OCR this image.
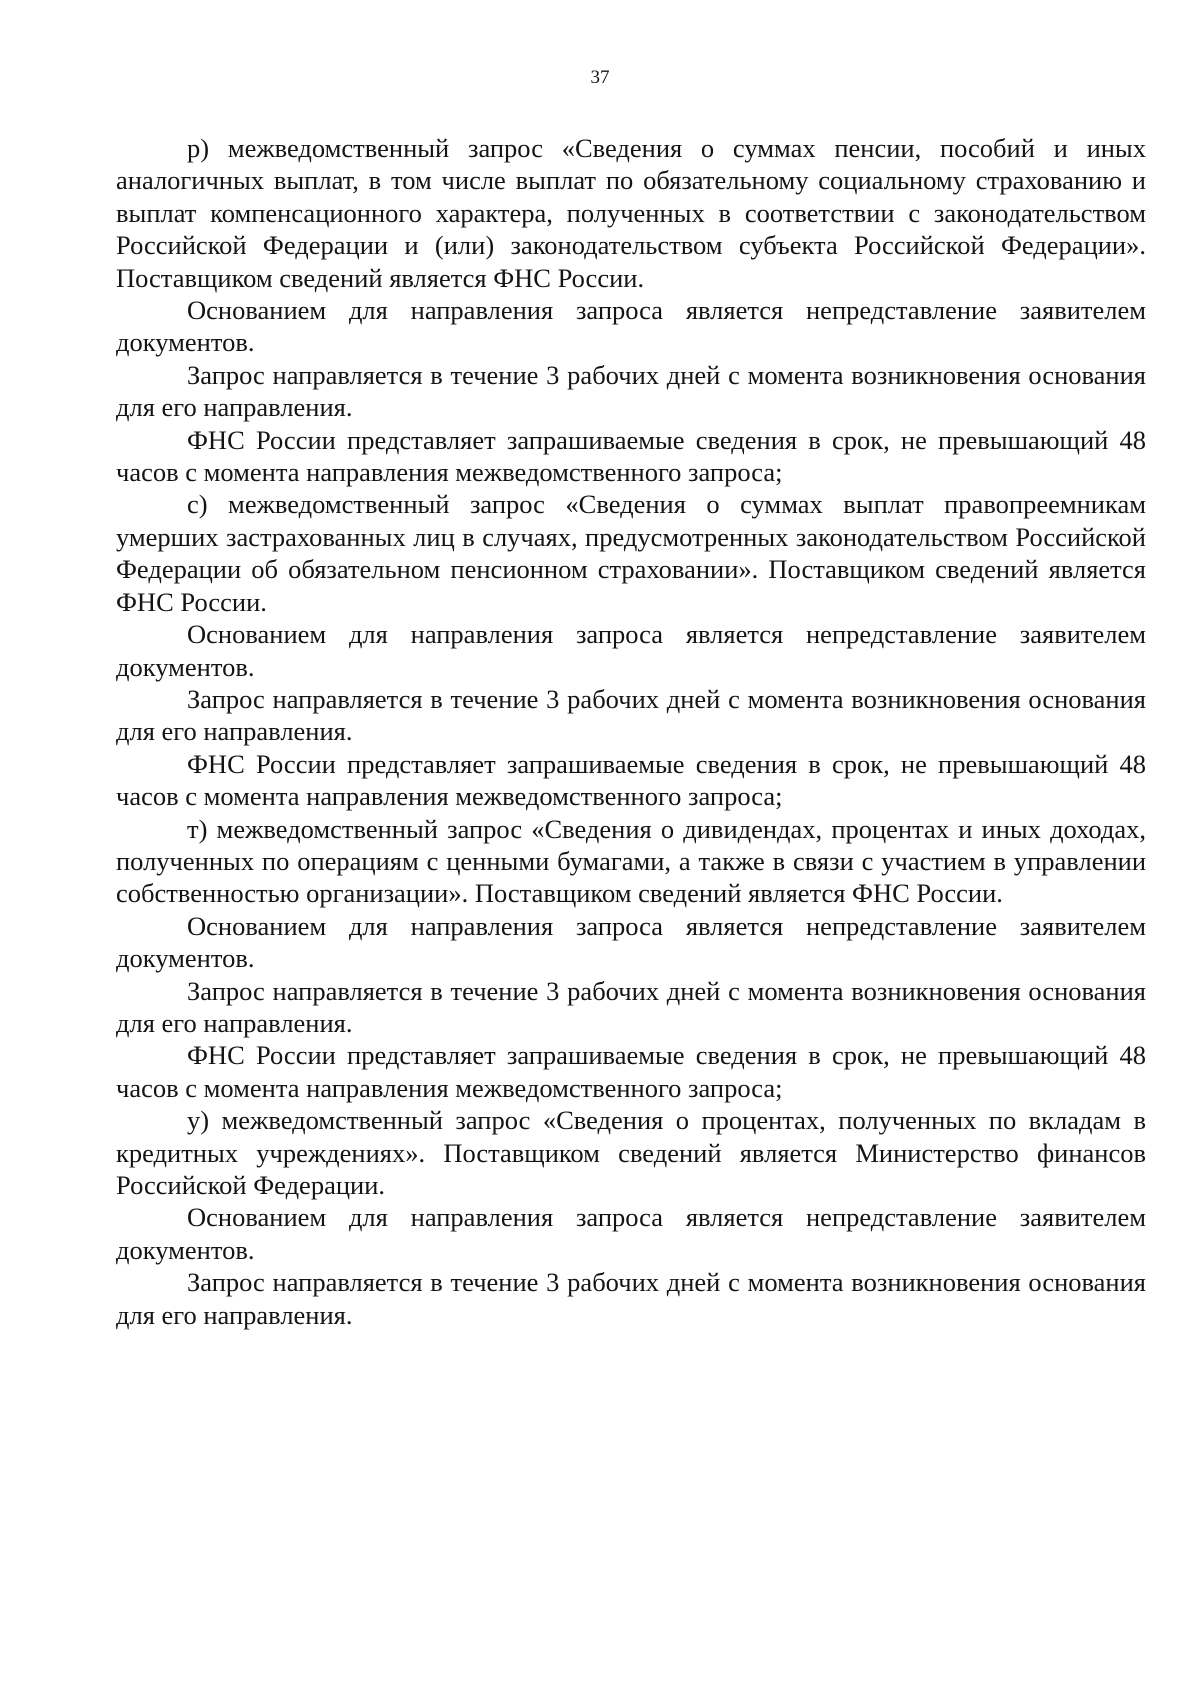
37

р) межведомственный запрос «Сведения о суммах пенсии, пособий и иных аналогичных выплат, в том числе выплат по обязательному социальному страхованию и выплат компенсационного характера, полученных в соответствии с законодательством Российской Федерации и (или) законодательством субъекта Российской Федерации». Поставщиком сведений является ФНС России.

Основанием для направления запроса является непредставление заявителем документов.

Запрос направляется в течение 3 рабочих дней с момента возникновения основания для его направления.

ФНС России представляет запрашиваемые сведения в срок, не превышающий 48 часов с момента направления межведомственного запроса;

с) межведомственный запрос «Сведения о суммах выплат правопреемникам умерших застрахованных лиц в случаях, предусмотренных законодательством Российской Федерации об обязательном пенсионном страховании». Поставщиком сведений является ФНС России.

Основанием для направления запроса является непредставление заявителем документов.

Запрос направляется в течение 3 рабочих дней с момента возникновения основания для его направления.

ФНС России представляет запрашиваемые сведения в срок, не превышающий 48 часов с момента направления межведомственного запроса;

т) межведомственный запрос «Сведения о дивидендах, процентах и иных доходах, полученных по операциям с ценными бумагами, а также в связи с участием в управлении собственностью организации». Поставщиком сведений является ФНС России.

Основанием для направления запроса является непредставление заявителем документов.

Запрос направляется в течение 3 рабочих дней с момента возникновения основания для его направления.

ФНС России представляет запрашиваемые сведения в срок, не превышающий 48 часов с момента направления межведомственного запроса;

у) межведомственный запрос «Сведения о процентах, полученных по вкладам в кредитных учреждениях». Поставщиком сведений является Министерство финансов Российской Федерации.

Основанием для направления запроса является непредставление заявителем документов.

Запрос направляется в течение 3 рабочих дней с момента возникновения основания для его направления.
